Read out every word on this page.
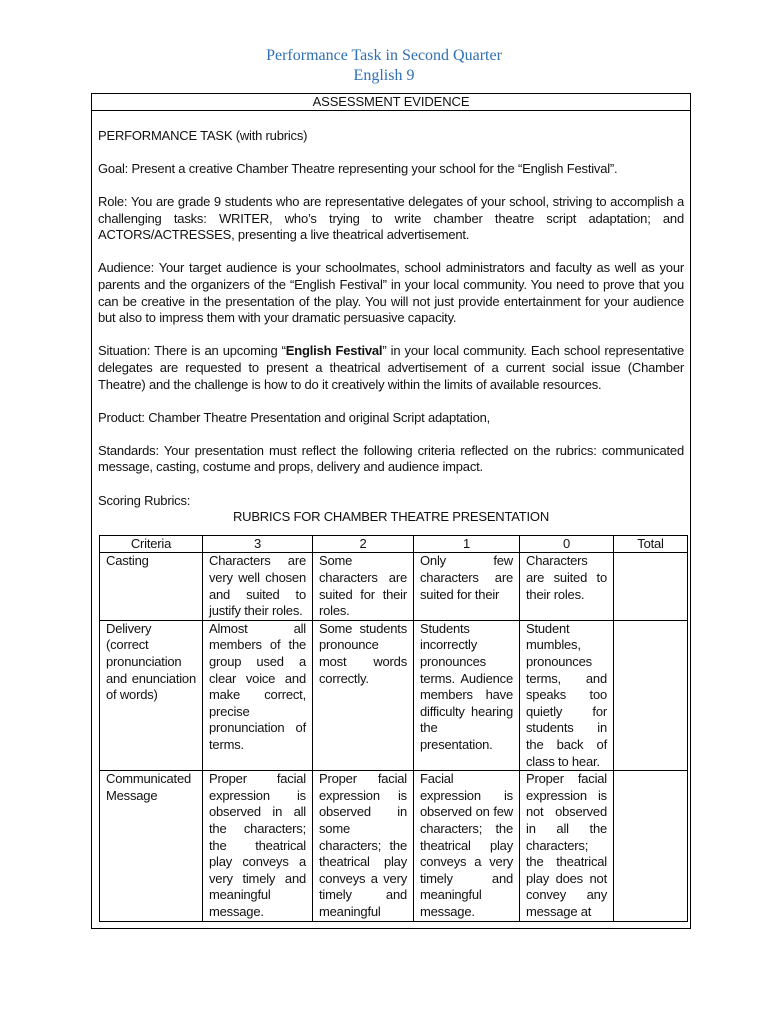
Performance Task in Second Quarter
English 9
ASSESSMENT EVIDENCE

PERFORMANCE TASK (with rubrics)

Goal: Present a creative Chamber Theatre representing your school for the “English Festival”.

Role: You are grade 9 students who are representative delegates of your school, striving to accomplish a challenging tasks: WRITER, who’s trying to write chamber theatre script adaptation; and ACTORS/ACTRESSES, presenting a live theatrical advertisement.

Audience: Your target audience is your schoolmates, school administrators and faculty as well as your parents and the organizers of the “English Festival” in your local community. You need to prove that you can be creative in the presentation of the play. You will not just provide entertainment for your audience but also to impress them with your dramatic persuasive capacity.

Situation: There is an upcoming “English Festival” in your local community. Each school representative delegates are requested to present a theatrical advertisement of a current social issue (Chamber Theatre) and the challenge is how to do it creatively within the limits of available resources.

Product: Chamber Theatre Presentation and original Script adaptation,

Standards: Your presentation must reflect the following criteria reflected on the rubrics: communicated message, casting, costume and props, delivery and audience impact.

Scoring Rubrics:

RUBRICS FOR CHAMBER THEATRE PRESENTATION

Criteria	3	2	1	0	Total
Casting	Characters are very well chosen and suited to justify their roles.	Some characters are suited for their roles.	Only few characters are suited for their	Characters are suited to their roles.	
Delivery (correct pronunciation and enunciation of words)	Almost all members of the group used a clear voice and make correct, precise pronunciation of terms.	Some students pronounce most words correctly.	Students incorrectly pronounces terms. Audience members have difficulty hearing the presentation.	Student mumbles, pronounces terms, and speaks too quietly for students in the back of class to hear.	
Communicated Message	Proper facial expression is observed in all the characters; the theatrical play conveys a very timely and meaningful message.	Proper facial expression is observed in some characters; the theatrical play conveys a very timely and meaningful	Facial expression is observed on few characters; the theatrical play conveys a very timely and meaningful message.	Proper facial expression is not observed in all the characters; the theatrical play does not convey any message at	
